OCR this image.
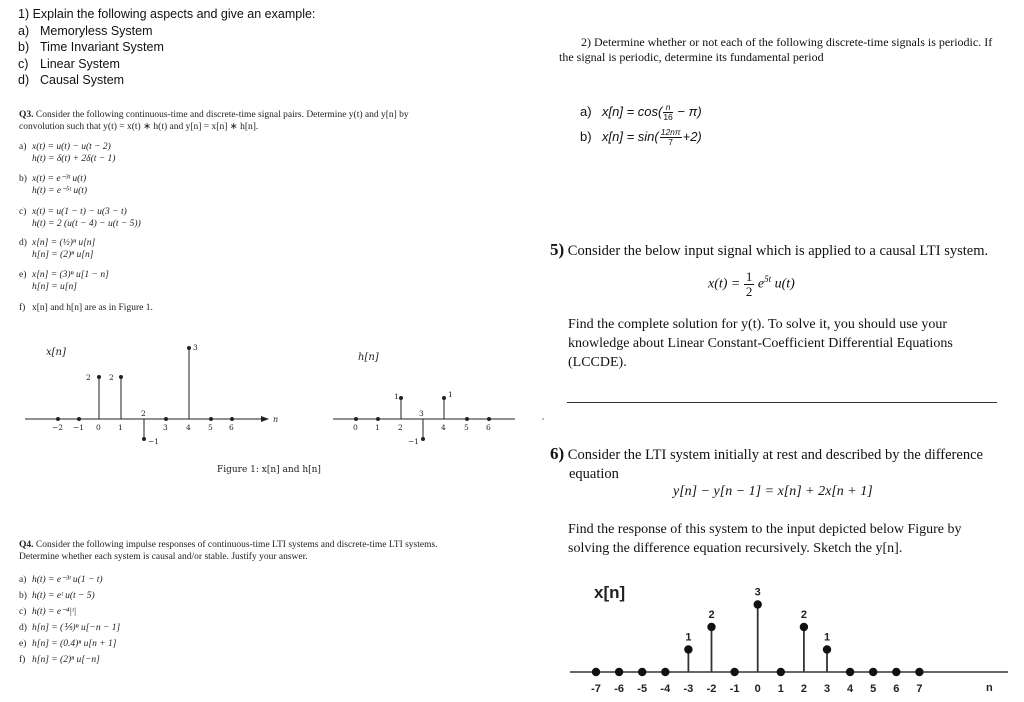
1) Explain the following aspects and give an example:
a) Memoryless System
b) Time Invariant System
c) Linear System
d) Causal System
Q3. Consider the following continuous-time and discrete-time signal pairs. Determine y(t) and y[n] by
convolution such that y(t) = x(t) ∗ h(t) and y[n] = x[n] ∗ h[n].
a) x(t) = u(t) − u(t − 2)
h(t) = δ(t) + 2δ(t − 1)
b) x(t) = e⁻³ᵗ u(t)
h(t) = e⁻⁵ᵗ u(t)
c) x(t) = u(1 − t) − u(3 − t)
h(t) = 2 (u(t − 4) − u(t − 5))
d) x[n] = (½)ⁿ u[n]
h[n] = (2)ⁿ u[n]
e) x[n] = (3)ⁿ u[1 − n]
h[n] = u[n]
f) x[n] and h[n] are as in Figure 1.
x[n]
n
2 2
2
−1
3
−2 −1 0 1	3 4 5 6
h[n]
1	1
3
−1
0 1 2	4 5 6
Figure 1: x[n] and h[n]
Q4. Consider the following impulse responses of continuous-time LTI systems and discrete-time LTI systems.
Determine whether each system is causal and/or stable. Justify your answer.
a) h(t) = e⁻³ᵗ u(1 − t)
b) h(t) = eᵗ u(t − 5)
c) h(t) = e⁻⁴|ᵗ|
d) h[n] = (⅕)ⁿ u[−n − 1]
e) h[n] = (0.4)ⁿ u[n + 1]
f) h[n] = (2)ⁿ u[−n]
2) Determine whether or not each of the following discrete-time signals is periodic. If
the signal is periodic, determine its fundamental period
a) $x[n] = \cos( \frac{n}{16} - \pi)$
b) $x[n] = \sin( \frac{12n\pi}{7} +2)$
5) Consider the below input signal which is applied to a causal LTI system.
$x(t) = \frac{1}{2} e^{5t}$ u(t)
Find the complete solution for y(t). To solve it, you should use your
knowledge about Linear Constant-Coefficient Differential Equations
(LCCDE).
6) Consider the LTI system initially at rest and described by the difference
equation
y[n] − y[n − 1] = x[n] + 2x[n + 1]
Find the response of this system to the input depicted below Figure by
solving the difference equation recursively. Sketch the y[n].
x[n]
n
-7 -6 -5 -4
1
-3
2
-2 -1
3
0 1
2
2
1
3 4 5 6 7
